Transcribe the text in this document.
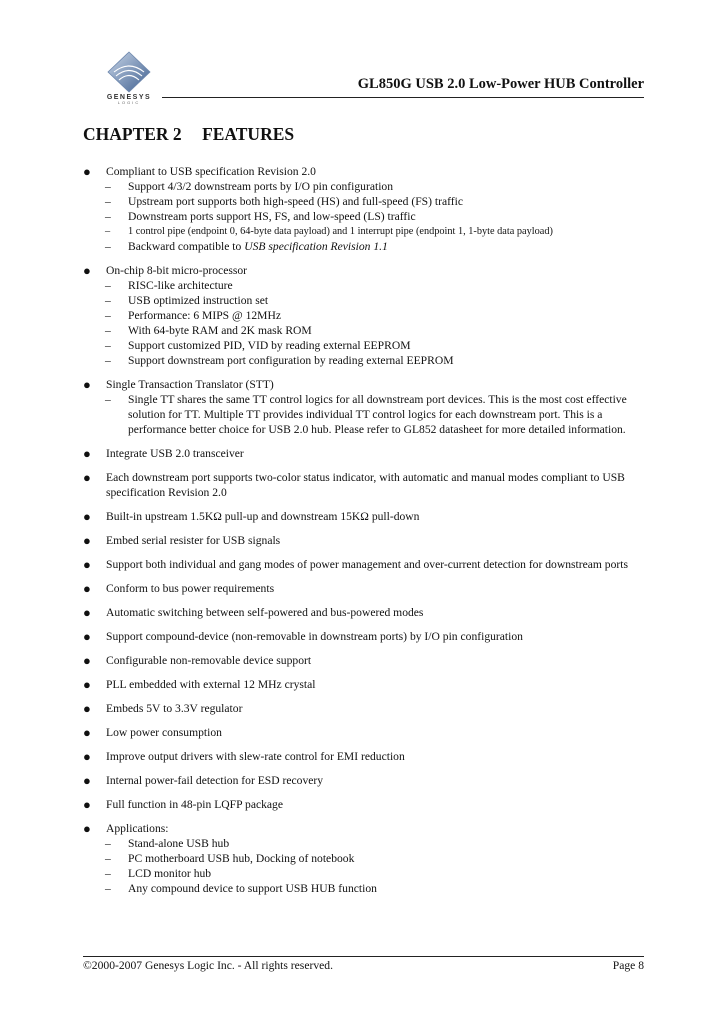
GENESYS
LOGIC
GL850G USB 2.0 Low-Power HUB Controller
CHAPTER 2 FEATURES
● Compliant to USB specification Revision 2.0
– Support 4/3/2 downstream ports by I/O pin configuration
– Upstream port supports both high-speed (HS) and full-speed (FS) traffic
– Downstream ports support HS, FS, and low-speed (LS) traffic
– 1 control pipe (endpoint 0, 64-byte data payload) and 1 interrupt pipe (endpoint 1, 1-byte data payload)
– Backward compatible to USB specification Revision 1.1
● On-chip 8-bit micro-processor
– RISC-like architecture
– USB optimized instruction set
– Performance: 6 MIPS @ 12MHz
– With 64-byte RAM and 2K mask ROM
– Support customized PID, VID by reading external EEPROM
– Support downstream port configuration by reading external EEPROM
● Single Transaction Translator (STT)
– Single TT shares the same TT control logics for all downstream port devices. This is the most cost effective solution for TT. Multiple TT provides individual TT control logics for each downstream port. This is a performance better choice for USB 2.0 hub. Please refer to GL852 datasheet for more detailed information.
● Integrate USB 2.0 transceiver
● Each downstream port supports two-color status indicator, with automatic and manual modes compliant to USB specification Revision 2.0
● Built-in upstream 1.5KΩ pull-up and downstream 15KΩ pull-down
● Embed serial resister for USB signals
● Support both individual and gang modes of power management and over-current detection for downstream ports
● Conform to bus power requirements
● Automatic switching between self-powered and bus-powered modes
● Support compound-device (non-removable in downstream ports) by I/O pin configuration
● Configurable non-removable device support
● PLL embedded with external 12 MHz crystal
● Embeds 5V to 3.3V regulator
● Low power consumption
● Improve output drivers with slew-rate control for EMI reduction
● Internal power-fail detection for ESD recovery
● Full function in 48-pin LQFP package
● Applications:
– Stand-alone USB hub
– PC motherboard USB hub, Docking of notebook
– LCD monitor hub
– Any compound device to support USB HUB function
©2000-2007 Genesys Logic Inc. - All rights reserved.	Page 8
